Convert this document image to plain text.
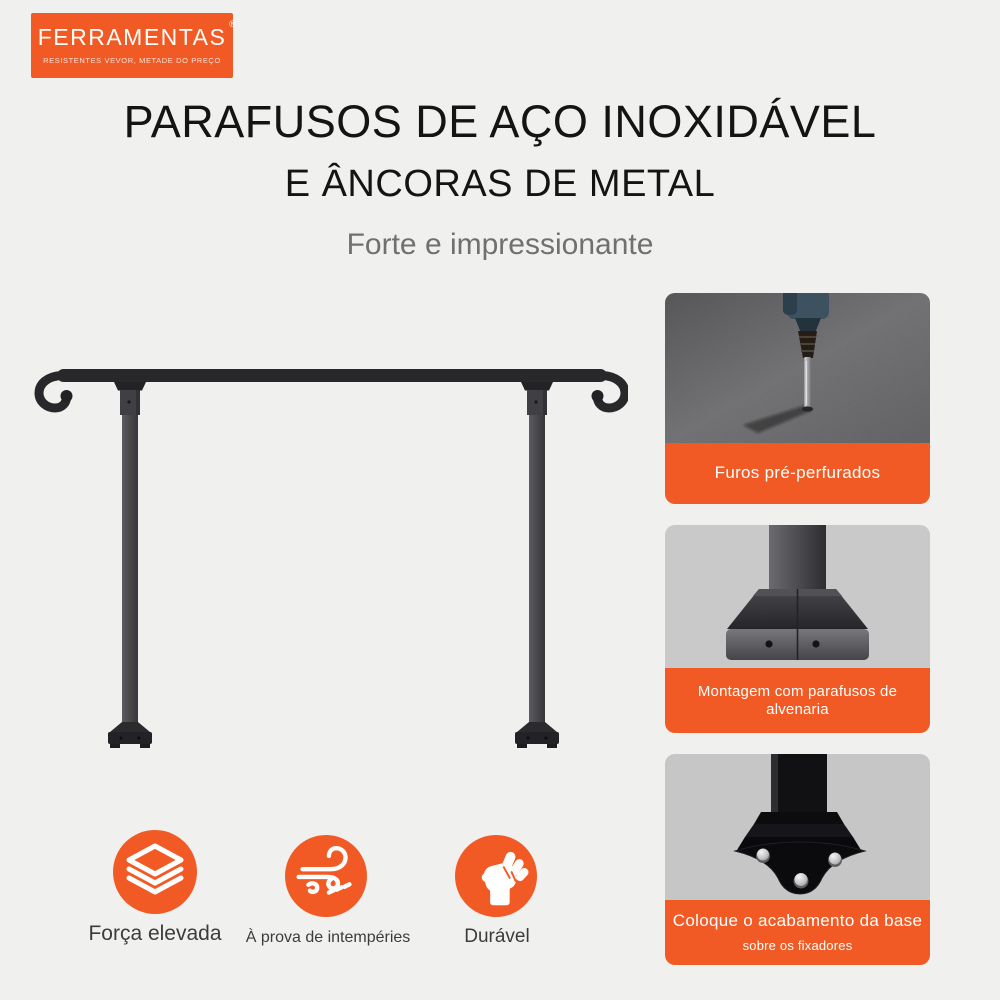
FERRAMENTAS ®
RESISTENTES VEVOR, METADE DO PREÇO
PARAFUSOS DE AÇO INOXIDÁVEL
E ÂNCORAS DE METAL
Forte e impressionante
Furos pré-perfurados
Montagem com parafusos de alvenaria
Coloque o acabamento da base
sobre os fixadores
Força elevada	À prova de intempéries	Durável
